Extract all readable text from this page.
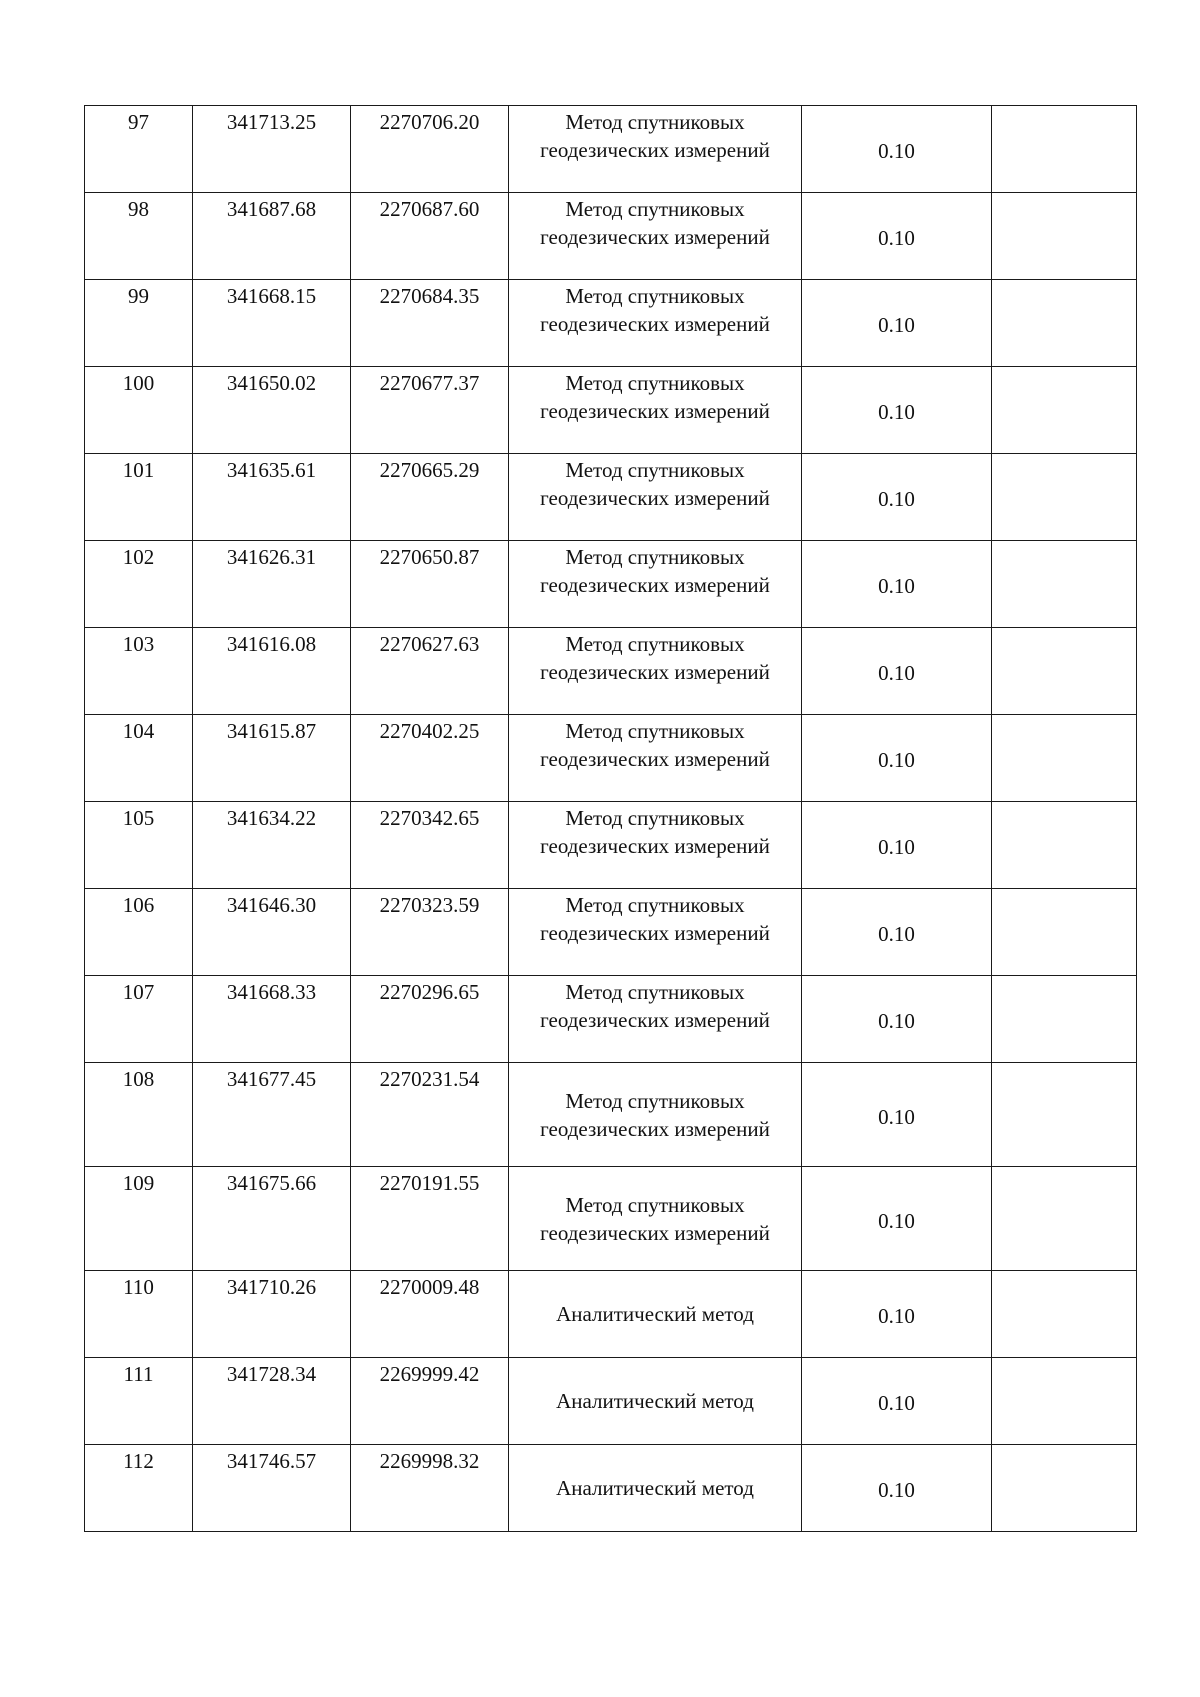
97	341713.25	2270706.20	Метод спутниковых геодезических измерений	0.10	
98	341687.68	2270687.60	Метод спутниковых геодезических измерений	0.10	
99	341668.15	2270684.35	Метод спутниковых геодезических измерений	0.10	
100	341650.02	2270677.37	Метод спутниковых геодезических измерений	0.10	
101	341635.61	2270665.29	Метод спутниковых геодезических измерений	0.10	
102	341626.31	2270650.87	Метод спутниковых геодезических измерений	0.10	
103	341616.08	2270627.63	Метод спутниковых геодезических измерений	0.10	
104	341615.87	2270402.25	Метод спутниковых геодезических измерений	0.10	
105	341634.22	2270342.65	Метод спутниковых геодезических измерений	0.10	
106	341646.30	2270323.59	Метод спутниковых геодезических измерений	0.10	
107	341668.33	2270296.65	Метод спутниковых геодезических измерений	0.10	
108	341677.45	2270231.54	Метод спутниковых геодезических измерений	0.10	
109	341675.66	2270191.55	Метод спутниковых геодезических измерений	0.10	
110	341710.26	2270009.48	Аналитический метод	0.10	
111	341728.34	2269999.42	Аналитический метод	0.10	
112	341746.57	2269998.32	Аналитический метод	0.10	
